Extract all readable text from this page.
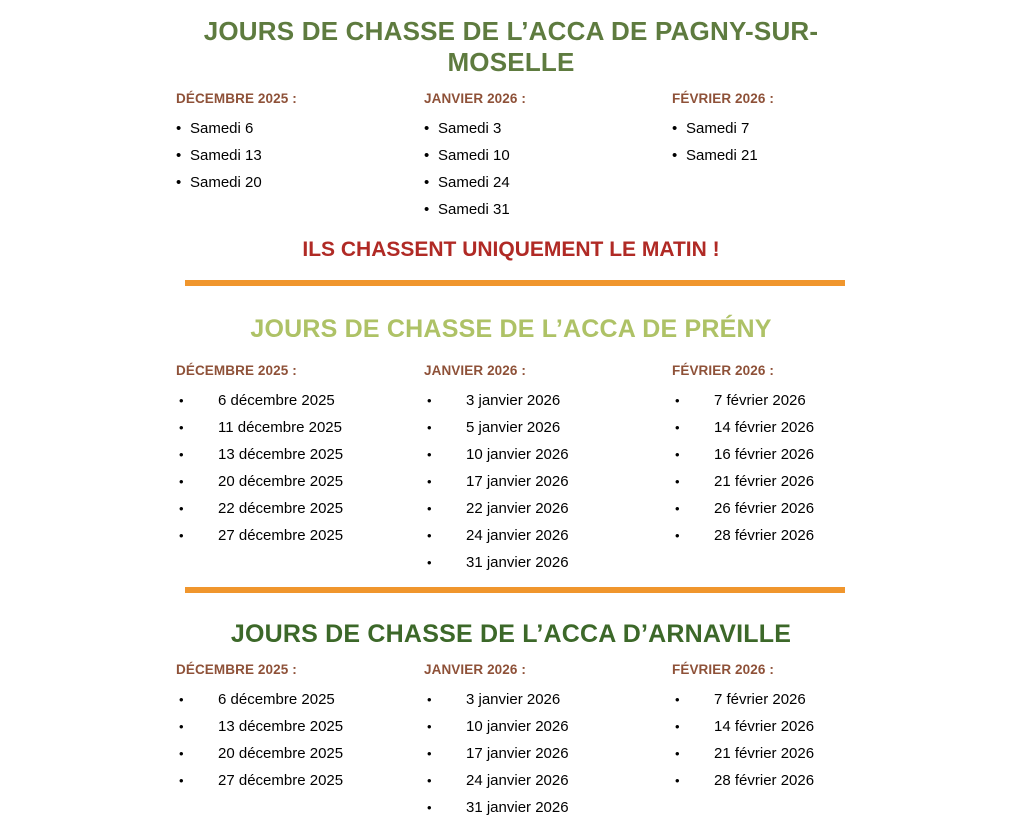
JOURS DE CHASSE DE L’ACCA DE PAGNY-SUR-MOSELLE
DÉCEMBRE 2025 :
• Samedi 6
• Samedi 13
• Samedi 20
JANVIER 2026 :
• Samedi 3
• Samedi 10
• Samedi 24
• Samedi 31
FÉVRIER 2026 :
• Samedi 7
• Samedi 21

ILS CHASSENT UNIQUEMENT LE MATIN !

JOURS DE CHASSE DE L’ACCA DE PRÉNY
DÉCEMBRE 2025 :
• 6 décembre 2025
• 11 décembre 2025
• 13 décembre 2025
• 20 décembre 2025
• 22 décembre 2025
• 27 décembre 2025
JANVIER 2026 :
• 3 janvier 2026
• 5 janvier 2026
• 10 janvier 2026
• 17 janvier 2026
• 22 janvier 2026
• 24 janvier 2026
• 31 janvier 2026
FÉVRIER 2026 :
• 7 février 2026
• 14 février 2026
• 16 février 2026
• 21 février 2026
• 26 février 2026
• 28 février 2026
JOURS DE CHASSE DE L’ACCA D’ARNAVILLE
DÉCEMBRE 2025 :
• 6 décembre 2025
• 13 décembre 2025
• 20 décembre 2025
• 27 décembre 2025
JANVIER 2026 :
• 3 janvier 2026
• 10 janvier 2026
• 17 janvier 2026
• 24 janvier 2026
• 31 janvier 2026
FÉVRIER 2026 :
• 7 février 2026
• 14 février 2026
• 21 février 2026
• 28 février 2026
